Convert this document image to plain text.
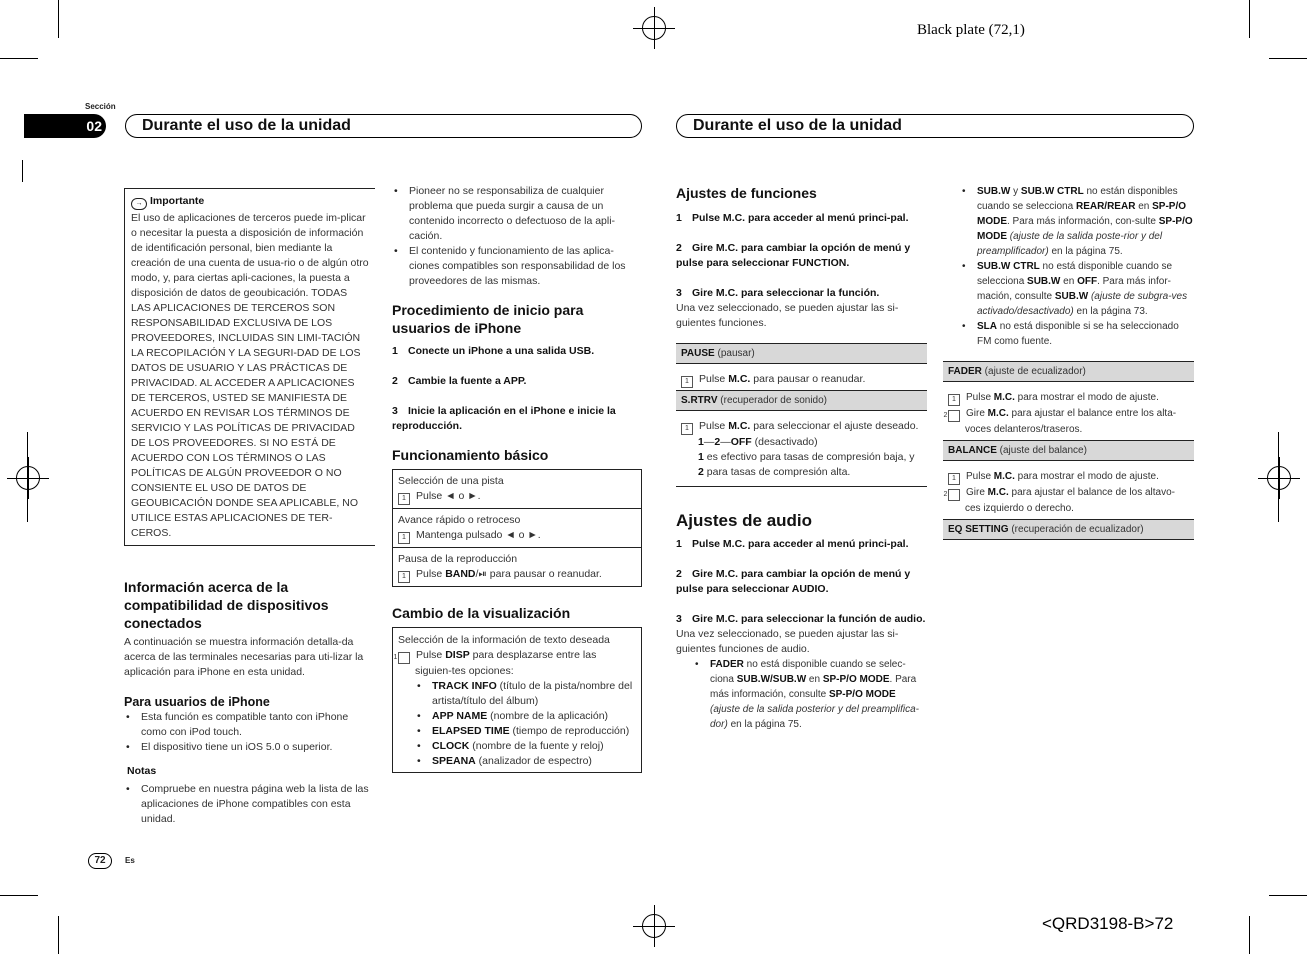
Black plate (72,1)
<QRD3198-B>72
Sección
02	Durante el uso de la unidad	Durante el uso de la unidad
→ Importante

El uso de aplicaciones de terceros puede im-plicar o necesitar la puesta a disposición de información de identificación personal, bien mediante la creación de una cuenta de usua-rio o de algún otro modo, y, para ciertas apli-caciones, la puesta a disposición de datos de geoubicación. TODAS LAS APLICACIONES DE TERCEROS SON RESPONSABILIDAD EXCLUSIVA DE LOS PROVEEDORES, INCLUIDAS SIN LIMI-TACIÓN LA RECOPILACIÓN Y LA SEGURI-DAD DE LOS DATOS DE USUARIO Y LAS PRÁCTICAS DE PRIVACIDAD. AL ACCEDER A APLICACIONES DE TERCEROS, USTED SE MANIFIESTA DE ACUERDO EN REVISAR LOS TÉRMINOS DE SERVICIO Y LAS POLÍTICAS DE PRIVACIDAD DE LOS PROVEEDORES. SI NO ESTÁ DE ACUERDO CON LOS TÉRMINOS O LAS POLÍTICAS DE ALGÚN PROVEEDOR O NO CONSIENTE EL USO DE DATOS DE GEOUBICACIÓN DONDE SEA APLICABLE, NO UTILICE ESTAS APLICACIONES DE TER-CEROS.

Información acerca de la compatibilidad de dispositivos conectados

A continuación se muestra información detalla-da acerca de las terminales necesarias para uti-lizar la aplicación para iPhone en esta unidad.

Para usuarios de iPhone
• Esta función es compatible tanto con iPhone como con iPod touch.
• El dispositivo tiene un iOS 5.0 o superior.
Notas
• Compruebe en nuestra página web la lista de las aplicaciones de iPhone compatibles con esta unidad.
• Pioneer no se responsabiliza de cualquier problema que pueda surgir a causa de un contenido incorrecto o defectuoso de la apli-cación.
• El contenido y funcionamiento de las aplica-ciones compatibles son responsabilidad de los proveedores de las mismas.
Procedimiento de inicio para usuarios de iPhone
1 Conecte un iPhone a una salida USB.
2 Cambie la fuente a APP.
3 Inicie la aplicación en el iPhone e inicie la reproducción.
Funcionamiento básico
Selección de una pista
1 Pulse ◄ o ►.
Avance rápido o retroceso
1 Mantenga pulsado ◄ o ►.
Pausa de la reproducción
1 Pulse BAND/⏯ para pausar o reanudar.
Cambio de la visualización
Selección de la información de texto deseada
1 Pulse DISP para desplazarse entre las siguien-tes opciones:
• TRACK INFO (título de la pista/nombre del artista/título del álbum)
• APP NAME (nombre de la aplicación)
• ELAPSED TIME (tiempo de reproducción)
• CLOCK (nombre de la fuente y reloj)
• SPEANA (analizador de espectro)
Ajustes de funciones
1 Pulse M.C. para acceder al menú princi-pal.
2 Gire M.C. para cambiar la opción de menú y pulse para seleccionar FUNCTION.
3 Gire M.C. para seleccionar la función.

Una vez seleccionado, se pueden ajustar las si-guientes funciones.

PAUSE (pausar)
1 Pulse M.C. para pausar o reanudar.
S.RTRV (recuperador de sonido)
1 Pulse M.C. para seleccionar el ajuste deseado.
1—2—OFF (desactivado)
1 es efectivo para tasas de compresión baja, y
2 para tasas de compresión alta.
Ajustes de audio
1 Pulse M.C. para acceder al menú princi-pal.
2 Gire M.C. para cambiar la opción de menú y pulse para seleccionar AUDIO.
3 Gire M.C. para seleccionar la función de audio.

Una vez seleccionado, se pueden ajustar las si-guientes funciones de audio.

• FADER no está disponible cuando se selec-ciona SUB.W/SUB.W en SP-P/O MODE. Para más información, consulte SP-P/O MODE (ajuste de la salida posterior y del preamplifica-dor) en la página 75.
• SUB.W y SUB.W CTRL no están disponibles cuando se selecciona REAR/REAR en SP-P/O MODE. Para más información, con-sulte SP-P/O MODE (ajuste de la salida poste-rior y del preamplificador) en la página 75.
• SUB.W CTRL no está disponible cuando se selecciona SUB.W en OFF. Para más infor-mación, consulte SUB.W (ajuste de subgra-ves activado/desactivado) en la página 73.
• SLA no está disponible si se ha seleccionado FM como fuente.
FADER (ajuste de ecualizador)
1 Pulse M.C. para mostrar el modo de ajuste.
2 Gire M.C. para ajustar el balance entre los alta-voces delanteros/traseros.
BALANCE (ajuste del balance)
1 Pulse M.C. para mostrar el modo de ajuste.
2 Gire M.C. para ajustar el balance de los altavo-ces izquierdo o derecho.
EQ SETTING (recuperación de ecualizador)
72	Es
